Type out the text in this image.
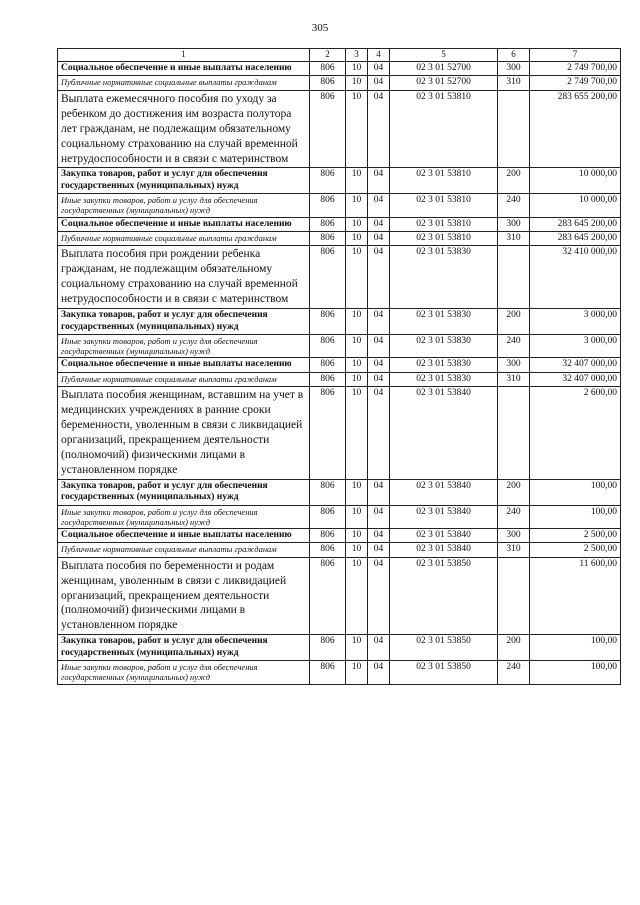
305
1	2	3	4	5	6	7
Социальное обеспечение и иные выплаты населению	806	10	04	02 3 01 52700	300	2 749 700,00
Публичные нормативные социальные выплаты гражданам	806	10	04	02 3 01 52700	310	2 749 700,00
Выплата ежемесячного пособия по уходу за ребенком до достижения им возраста полутора лет гражданам, не подлежащим обязательному социальному страхованию на случай временной нетрудоспособности и в связи с материнством	806	10	04	02 3 01 53810		283 655 200,00
Закупка товаров, работ и услуг для обеспечения государственных (муниципальных) нужд	806	10	04	02 3 01 53810	200	10 000,00
Иные закупки товаров, работ и услуг для обеспечения государственных (муниципальных) нужд	806	10	04	02 3 01 53810	240	10 000,00
Социальное обеспечение и иные выплаты населению	806	10	04	02 3 01 53810	300	283 645 200,00
Публичные нормативные социальные выплаты гражданам	806	10	04	02 3 01 53810	310	283 645 200,00
Выплата пособия при рождении ребенка гражданам, не подлежащим обязательному социальному страхованию на случай временной нетрудоспособности и в связи с материнством	806	10	04	02 3 01 53830		32 410 000,00
Закупка товаров, работ и услуг для обеспечения государственных (муниципальных) нужд	806	10	04	02 3 01 53830	200	3 000,00
Иные закупки товаров, работ и услуг для обеспечения государственных (муниципальных) нужд	806	10	04	02 3 01 53830	240	3 000,00
Социальное обеспечение и иные выплаты населению	806	10	04	02 3 01 53830	300	32 407 000,00
Публичные нормативные социальные выплаты гражданам	806	10	04	02 3 01 53830	310	32 407 000,00
Выплата пособия женщинам, вставшим на учет в медицинских учреждениях в ранние сроки беременности, уволенным в связи с ликвидацией организаций, прекращением деятельности (полномочий) физическими лицами в установленном порядке	806	10	04	02 3 01 53840		2 600,00
Закупка товаров, работ и услуг для обеспечения государственных (муниципальных) нужд	806	10	04	02 3 01 53840	200	100,00
Иные закупки товаров, работ и услуг для обеспечения государственных (муниципальных) нужд	806	10	04	02 3 01 53840	240	100,00
Социальное обеспечение и иные выплаты населению	806	10	04	02 3 01 53840	300	2 500,00
Публичные нормативные социальные выплаты гражданам	806	10	04	02 3 01 53840	310	2 500,00
Выплата пособия по беременности и родам женщинам, уволенным в связи с ликвидацией организаций, прекращением деятельности (полномочий) физическими лицами в установленном порядке	806	10	04	02 3 01 53850		11 600,00
Закупка товаров, работ и услуг для обеспечения государственных (муниципальных) нужд	806	10	04	02 3 01 53850	200	100,00
Иные закупки товаров, работ и услуг для обеспечения государственных (муниципальных) нужд	806	10	04	02 3 01 53850	240	100,00
